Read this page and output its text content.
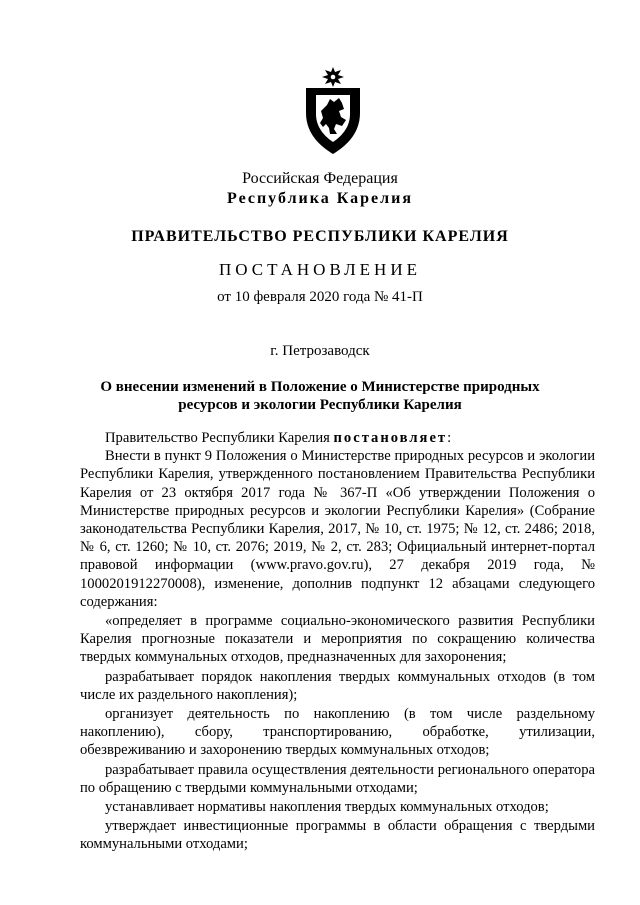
Российская Федерация
Республика Карелия
ПРАВИТЕЛЬСТВО РЕСПУБЛИКИ КАРЕЛИЯ
ПОСТАНОВЛЕНИЕ
от 10 февраля 2020 года № 41-П
г. Петрозаводск
О внесении изменений в Положение о Министерстве природных
ресурсов и экологии Республики Карелия

Правительство Республики Карелия постановляет:

Внести в пункт 9 Положения о Министерстве природных ресурсов и экологии Республики Карелия, утвержденного постановлением Правительства Республики Карелия от 23 октября 2017 года № 367-П «Об утверждении Положения о Министерстве природных ресурсов и экологии Республики Карелия» (Собрание законодательства Республики Карелия, 2017, № 10, ст. 1975; № 12, ст. 2486; 2018, № 6, ст. 1260; № 10, ст. 2076; 2019, № 2, ст. 283; Официальный интернет-портал правовой информации (www.pravo.gov.ru), 27 декабря 2019 года, № 1000201912270008), изменение, дополнив подпункт 12 абзацами следующего содержания:

«определяет в программе социально-экономического развития Республики Карелия прогнозные показатели и мероприятия по сокращению количества твердых коммунальных отходов, предназначенных для захоронения;

разрабатывает порядок накопления твердых коммунальных отходов (в том числе их раздельного накопления);

организует деятельность по накоплению (в том числе раздельному накоплению), сбору, транспортированию, обработке, утилизации, обезвреживанию и захоронению твердых коммунальных отходов;

разрабатывает правила осуществления деятельности регионального оператора по обращению с твердыми коммунальными отходами;

устанавливает нормативы накопления твердых коммунальных отходов;

утверждает инвестиционные программы в области обращения с твердыми коммунальными отходами;
